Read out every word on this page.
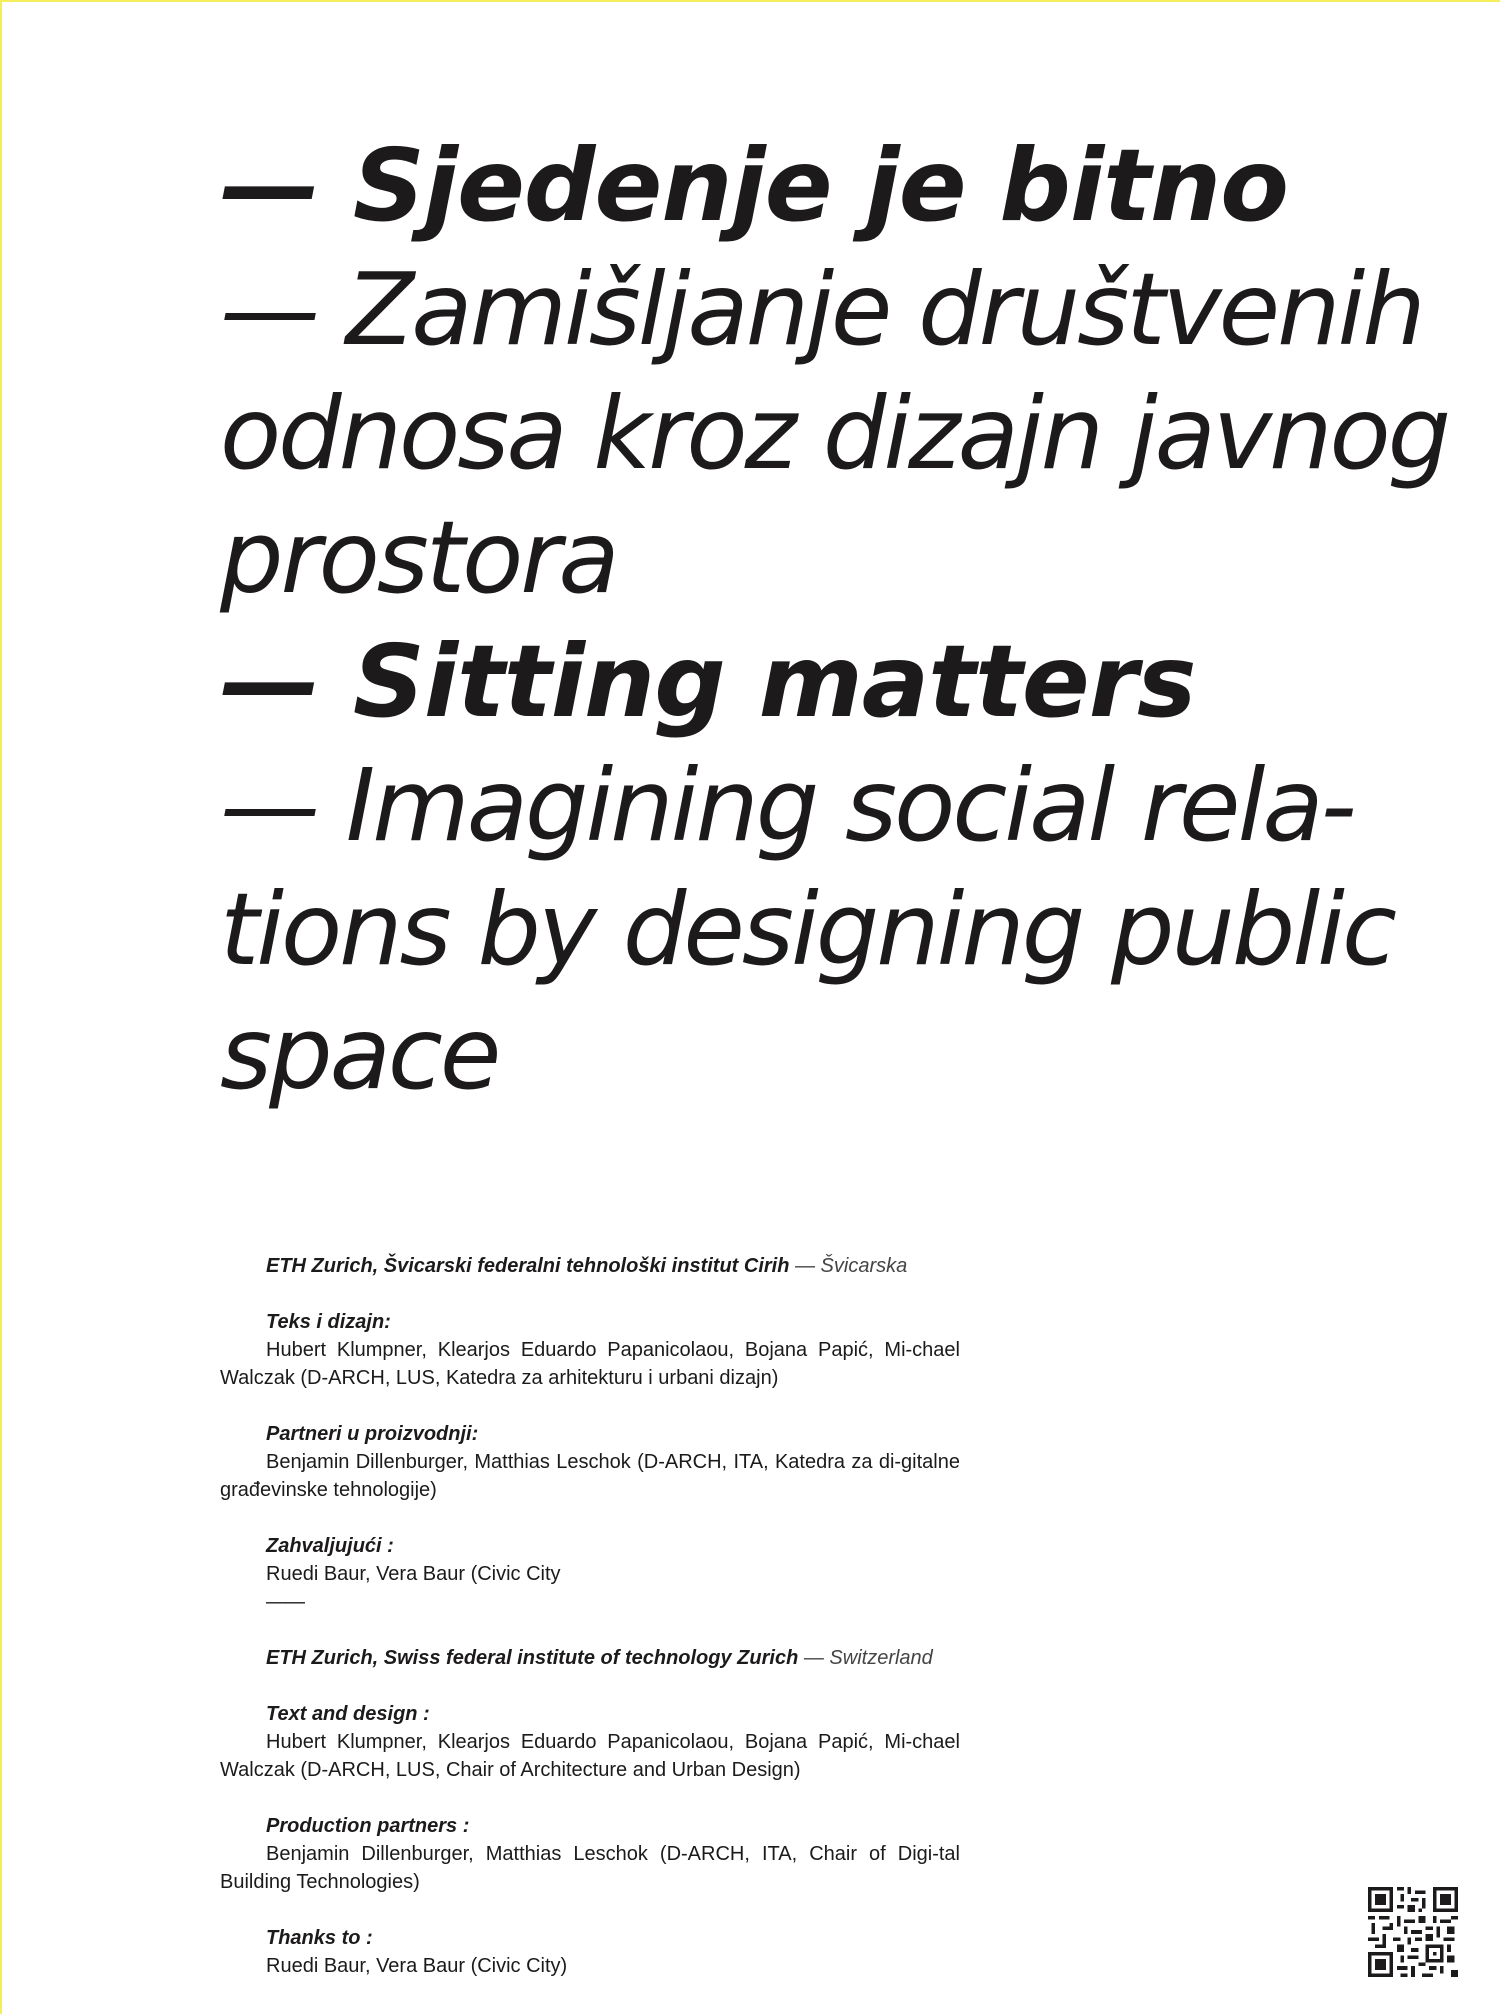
— Sjedenje je bitno
— Zamišljanje društvenih
odnosa kroz dizajn javnog
prostora
— Sitting matters
— Imagining social rela-
tions by designing public
space
ETH Zurich, Švicarski federalni tehnološki institut Cirih — Švicarska
Teks i dizajn:
Hubert Klumpner, Klearjos Eduardo Papanicolaou, Bojana Papić, Mi-chael Walczak (D-ARCH, LUS, Katedra za arhitekturu i urbani dizajn)
Partneri u proizvodnji:
Benjamin Dillenburger, Matthias Leschok (D-ARCH, ITA, Katedra za di-gitalne građevinske tehnologije)
Zahvaljujući :
Ruedi Baur, Vera Baur (Civic City
——
ETH Zurich, Swiss federal institute of technology Zurich — Switzerland
Text and design :
Hubert Klumpner, Klearjos Eduardo Papanicolaou, Bojana Papić, Mi-chael Walczak (D-ARCH, LUS, Chair of Architecture and Urban Design)
Production partners :
Benjamin Dillenburger, Matthias Leschok (D-ARCH, ITA, Chair of Digi-tal Building Technologies)
Thanks to :
Ruedi Baur, Vera Baur (Civic City)
